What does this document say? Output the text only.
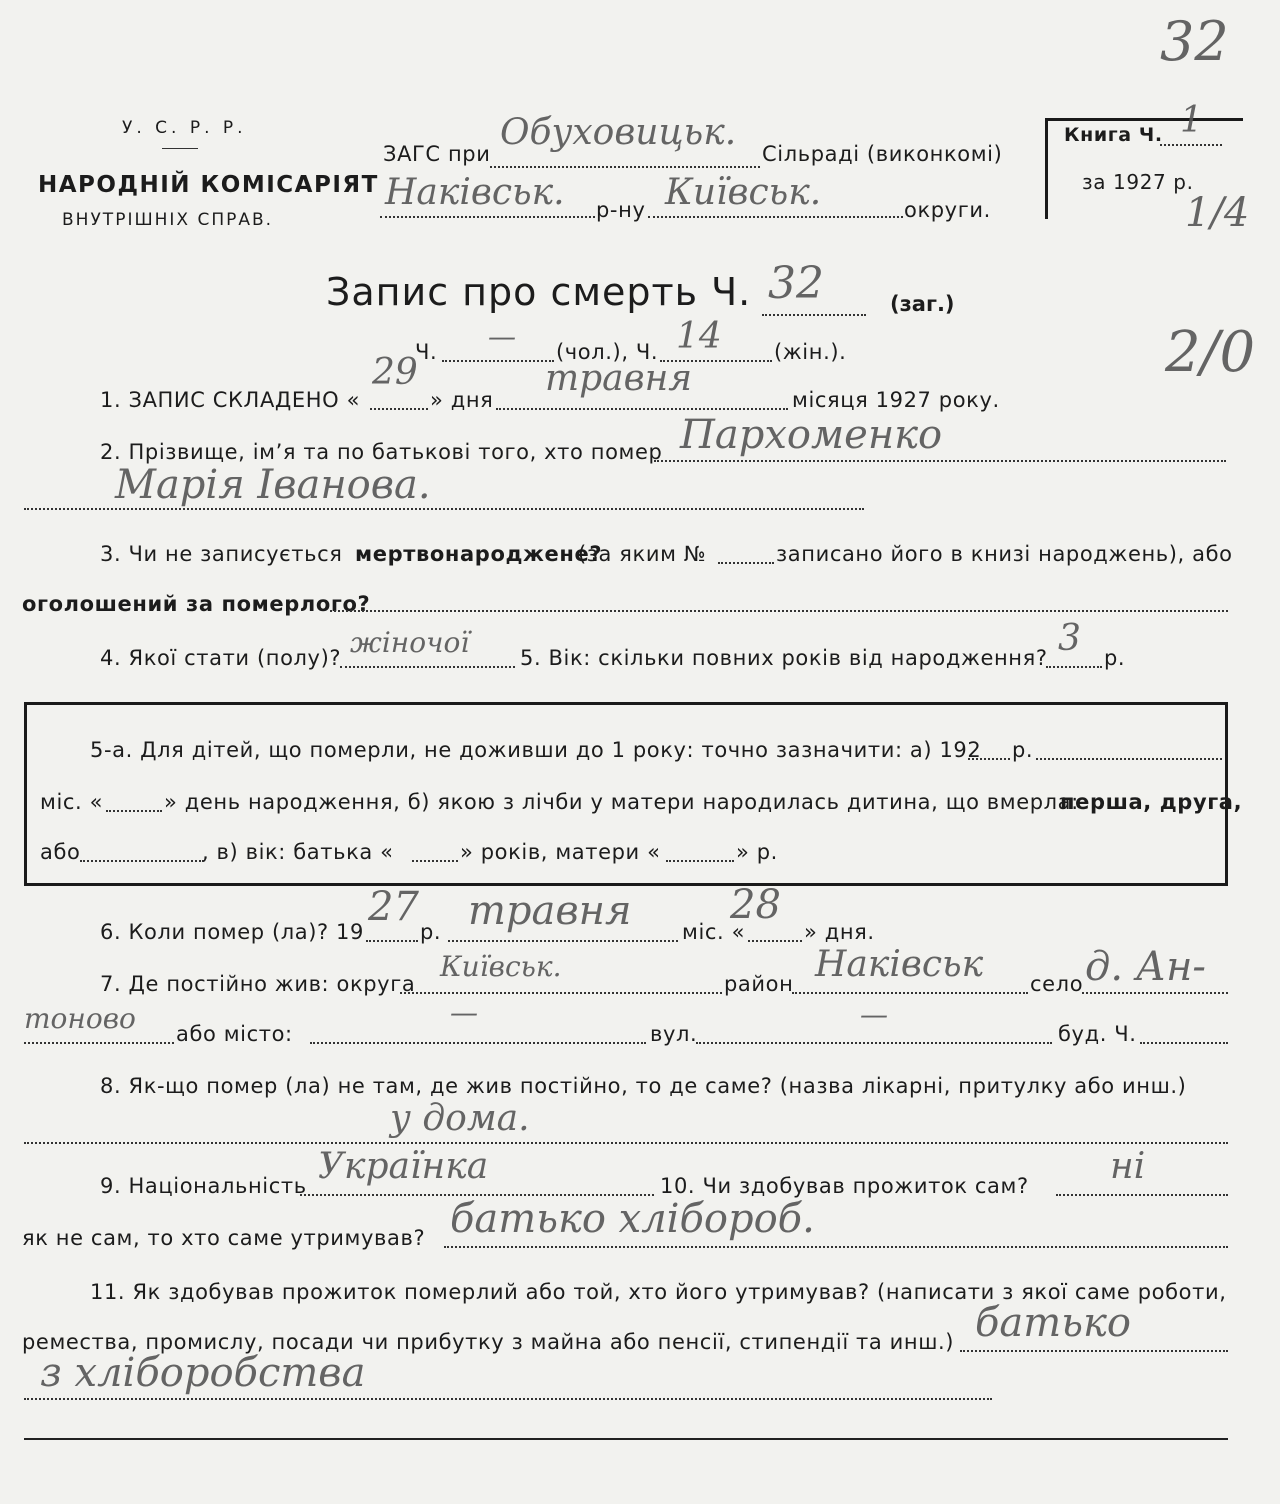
У. С. Р. Р.
НАРОДНІЙ КОМІСАРІЯТ
ВНУТРІШНІХ СПРАВ.
ЗАГС при
Обуховицьк.
Сільраді (виконкомі)
Наківськ. р-ну Київськ.	округи.
Книга Ч. 1
за 1927 р.
32
1/4
2/0
Запис про смерть Ч. 32	(заг.)
Ч. — (чол.), Ч. 14 (жін.).
1. ЗАПИС СКЛАДЕНО «
29
» дня
травня
місяця 1927 року.
2. Прізвище, ім’я та по батькові того, хто помер Пархоменко
Марія Іванова.
3. Чи не записується мертвонароджене?
(за яким №	записано його в книзі народжень), або
оголошений за померлого?
4. Якої стати (полу)? жіночої 5. Вік: скільки повних років від народження? 3 р.
5-а. Для дітей, що померли, не доживши до 1 року: точно зазначити: а) 192 р.
міс. «	» день народження, б) якою з лічби у матери народилась дитина, що вмерла:
перша, друга,
або	, в) вік: батька «	» років, матери «	» р.
6. Коли помер (ла)? 19
27
р. травня міс. «
28
» дня.
7. Де постійно жив: округа
Київськ.
район Наківськ село д. Ан-
тоново або місто:
—
вул.
—
буд. Ч.
8. Як-що помер (ла) не там, де жив постійно, то де саме? (назва лікарні, притулку або инш.)
у дома.
9. Національність Українка	10. Чи здобував прожиток сам? ні
як не сам, то хто саме утримував? батько хлібороб.
11. Як здобував прожиток померлий або той, хто його утримував? (написати з якої саме роботи,
ремества, промислу, посади чи прибутку з майна або пенсії, стипендії та инш.) батько
з хліборобства
